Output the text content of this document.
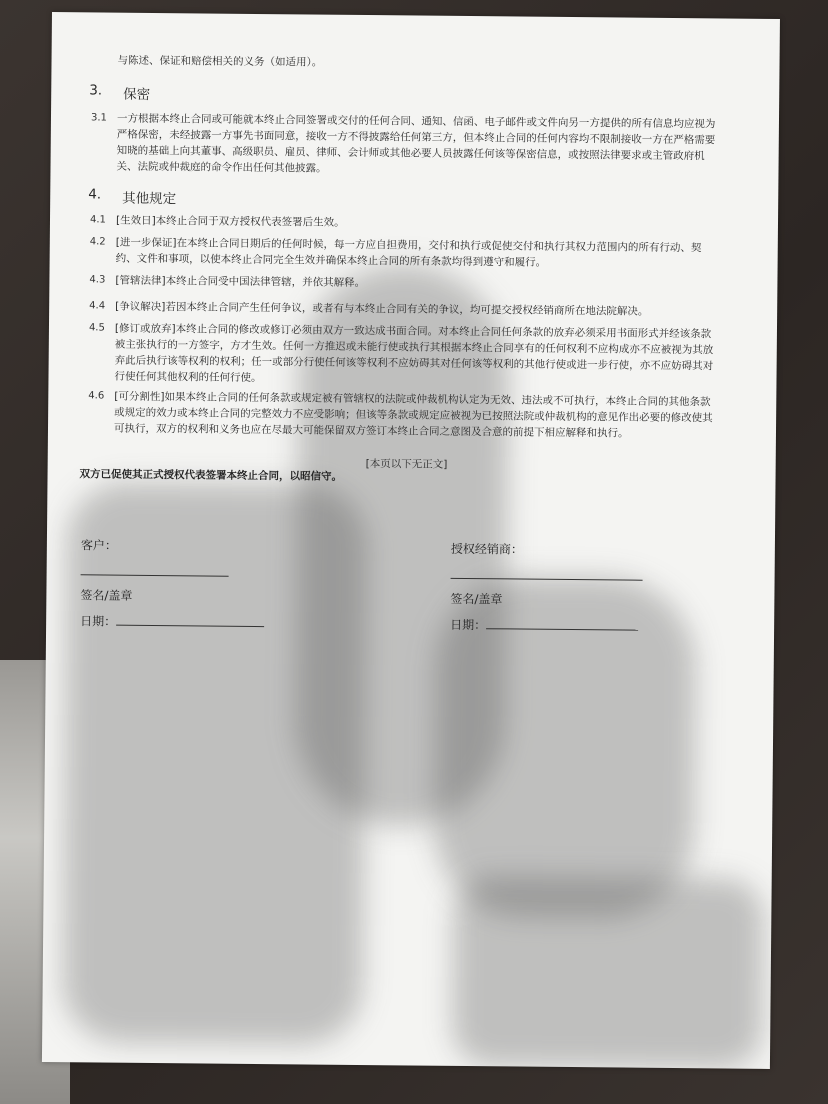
与陈述、保证和赔偿相关的义务（如适用）。
3. 保密
3.1 一方根据本终止合同或可能就本终止合同签署或交付的任何合同、通知、信函、电子邮件或文件向另一方提供的所有信息均应视为
严格保密，未经披露一方事先书面同意，接收一方不得披露给任何第三方，但本终止合同的任何内容均不限制接收一方在严格需要
知晓的基础上向其董事、高级职员、雇员、律师、会计师或其他必要人员披露任何该等保密信息，或按照法律要求或主管政府机
关、法院或仲裁庭的命令作出任何其他披露。
4. 其他规定
4.1 [生效日]本终止合同于双方授权代表签署后生效。
4.2 [进一步保证]在本终止合同日期后的任何时候，每一方应自担费用，交付和执行或促使交付和执行其权力范围内的所有行动、契
约、文件和事项，以使本终止合同完全生效并确保本终止合同的所有条款均得到遵守和履行。
4.3 [管辖法律]本终止合同受中国法律管辖，并依其解释。
4.4 [争议解决]若因本终止合同产生任何争议，或者有与本终止合同有关的争议，均可提交授权经销商所在地法院解决。
4.5 [修订或放弃]本终止合同的修改或修订必须由双方一致达成书面合同。对本终止合同任何条款的放弃必须采用书面形式并经该条款
被主张执行的一方签字，方才生效。任何一方推迟或未能行使或执行其根据本终止合同享有的任何权利不应构成亦不应被视为其放
弃此后执行该等权利的权利；任一或部分行使任何该等权利不应妨碍其对任何该等权利的其他行使或进一步行使，亦不应妨碍其对
行使任何其他权利的任何行使。
4.6 [可分割性]如果本终止合同的任何条款或规定被有管辖权的法院或仲裁机构认定为无效、违法或不可执行，本终止合同的其他条款
或规定的效力或本终止合同的完整效力不应受影响；但该等条款或规定应被视为已按照法院或仲裁机构的意见作出必要的修改使其
可执行，双方的权利和义务也应在尽最大可能保留双方签订本终止合同之意图及合意的前提下相应解释和执行。
[本页以下无正文]
双方已促使其正式授权代表签署本终止合同，以昭信守。
客户：
签名/盖章
日期：
授权经销商：
签名/盖章
日期：
